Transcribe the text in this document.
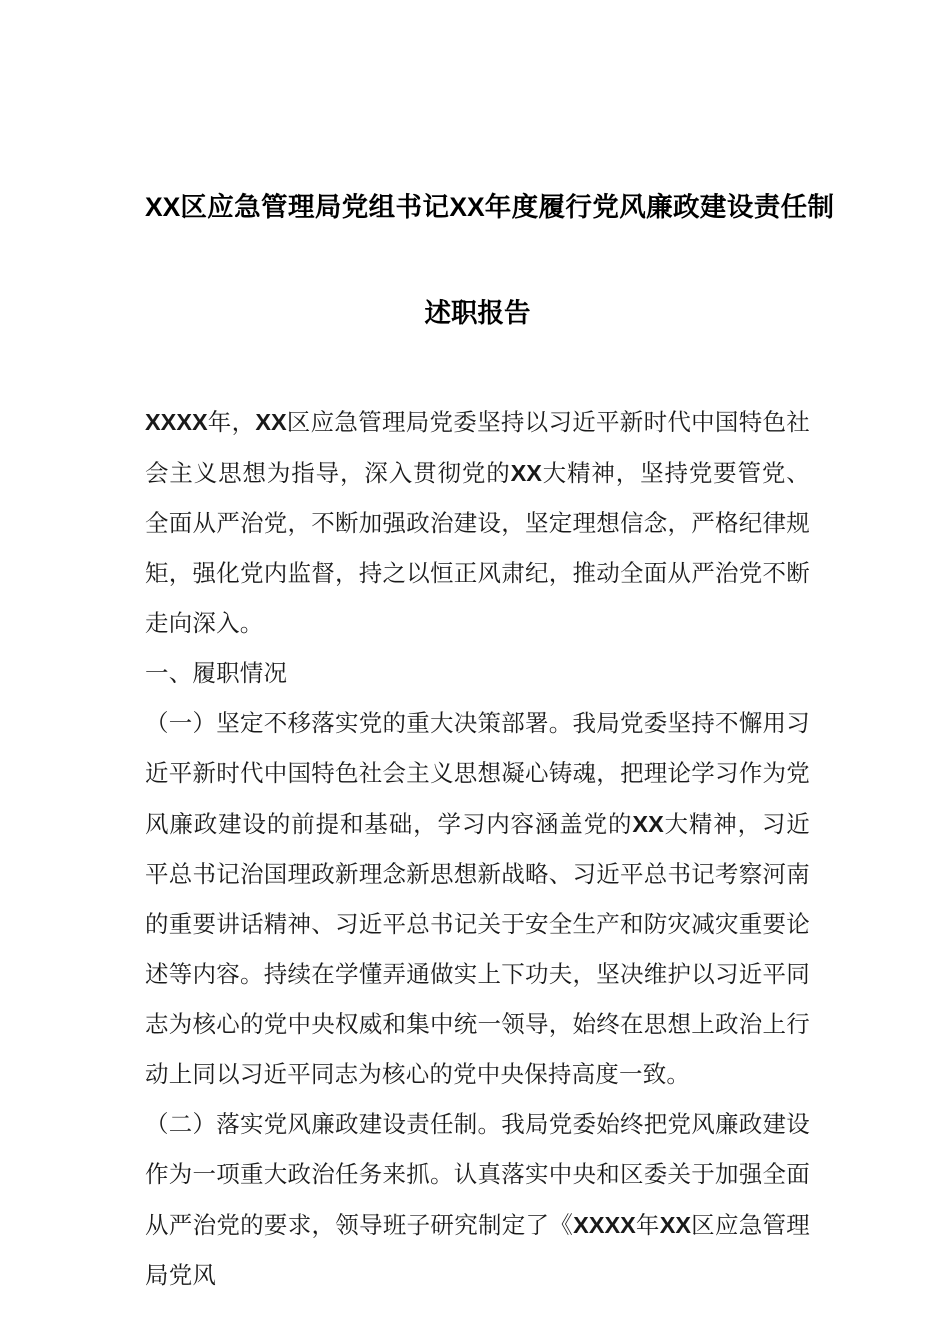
XX区应急管理局党组书记XX年度履行党风廉政建设责任制
述职报告

XXXX年，XX区应急管理局党委坚持以习近平新时代中国特色社会主义思想为指导，深入贯彻党的XX大精神，坚持党要管党、全面从严治党，不断加强政治建设，坚定理想信念，严格纪律规矩，强化党内监督，持之以恒正风肃纪，推动全面从严治党不断走向深入。

一、履职情况

（一）坚定不移落实党的重大决策部署。我局党委坚持不懈用习近平新时代中国特色社会主义思想凝心铸魂，把理论学习作为党风廉政建设的前提和基础，学习内容涵盖党的XX大精神，习近平总书记治国理政新理念新思想新战略、习近平总书记考察河南的重要讲话精神、习近平总书记关于安全生产和防灾减灾重要论述等内容。持续在学懂弄通做实上下功夫，坚决维护以习近平同志为核心的党中央权威和集中统一领导，始终在思想上政治上行动上同以习近平同志为核心的党中央保持高度一致。

（二）落实党风廉政建设责任制。我局党委始终把党风廉政建设作为一项重大政治任务来抓。认真落实中央和区委关于加强全面从严治党的要求，领导班子研究制定了《XXXX年XX区应急管理局党风
